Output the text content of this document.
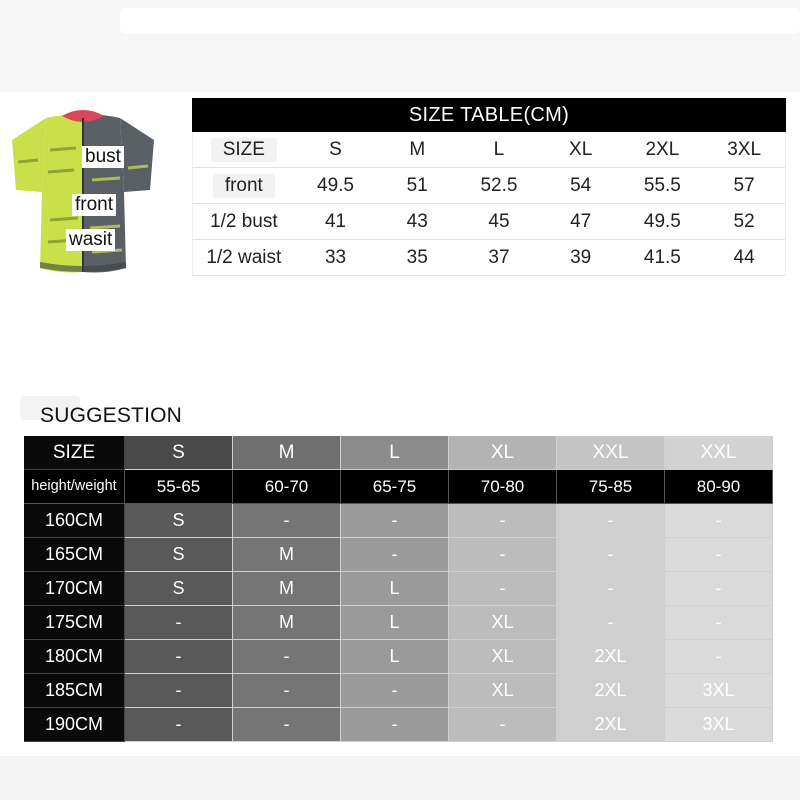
bust
front
wasit
SIZE TABLE(CM)
SIZE	S	M	L	XL	2XL	3XL
front	49.5	51	52.5	54	55.5	57
1/2 bust	41	43	45	47	49.5	52
1/2 waist	33	35	37	39	41.5	44
SUGGESTION
SIZE	S	M	L	XL	XXL	XXL
height/weight	55-65	60-70	65-75	70-80	75-85	80-90
160CM	S	-	-	-	-	-
165CM	S	M	-	-	-	-
170CM	S	M	L	-	-	-
175CM	-	M	L	XL	-	-
180CM	-	-	L	XL	2XL	-
185CM	-	-	-	XL	2XL	3XL
190CM	-	-	-	-	2XL	3XL
